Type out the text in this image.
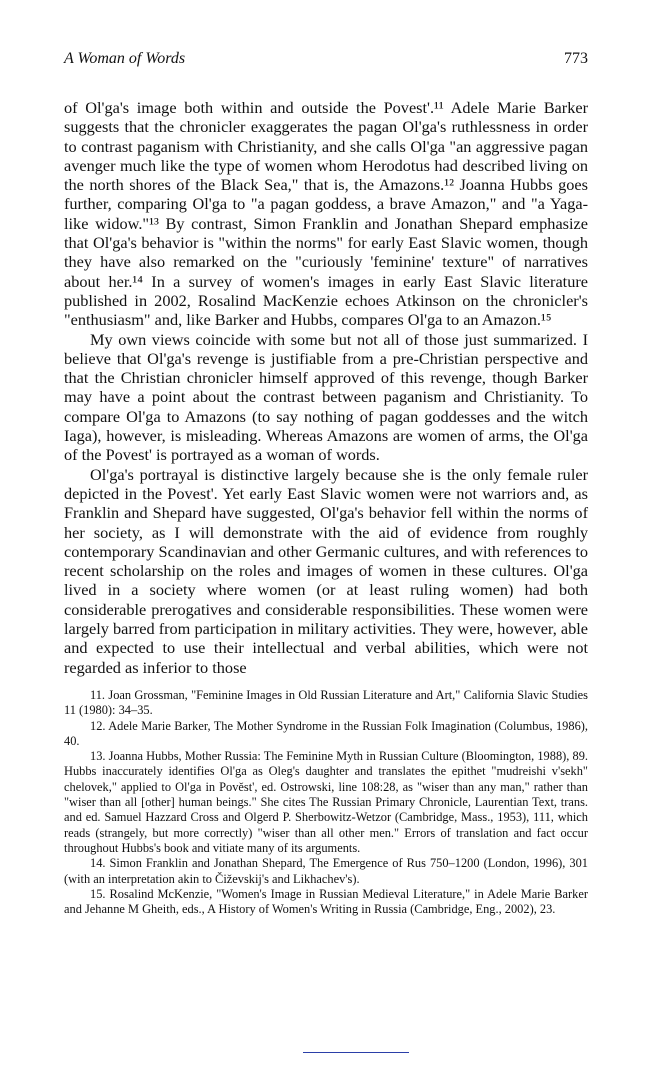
A Woman of Words	773

of Ol'ga's image both within and outside the Povest'.¹¹ Adele Marie Barker suggests that the chronicler exaggerates the pagan Ol'ga's ruthlessness in order to contrast paganism with Christianity, and she calls Ol'ga "an aggressive pagan avenger much like the type of women whom Herodotus had described living on the north shores of the Black Sea," that is, the Amazons.¹² Joanna Hubbs goes further, comparing Ol'ga to "a pagan goddess, a brave Amazon," and "a Yaga-like widow."¹³ By contrast, Simon Franklin and Jonathan Shepard emphasize that Ol'ga's behavior is "within the norms" for early East Slavic women, though they have also remarked on the "curiously 'feminine' texture" of narratives about her.¹⁴ In a survey of women's images in early East Slavic literature published in 2002, Rosalind MacKenzie echoes Atkinson on the chronicler's "enthusiasm" and, like Barker and Hubbs, compares Ol'ga to an Amazon.¹⁵

My own views coincide with some but not all of those just summarized. I believe that Ol'ga's revenge is justifiable from a pre-Christian perspective and that the Christian chronicler himself approved of this revenge, though Barker may have a point about the contrast between paganism and Christianity. To compare Ol'ga to Amazons (to say nothing of pagan goddesses and the witch Iaga), however, is misleading. Whereas Amazons are women of arms, the Ol'ga of the Povest' is portrayed as a woman of words.

Ol'ga's portrayal is distinctive largely because she is the only female ruler depicted in the Povest'. Yet early East Slavic women were not warriors and, as Franklin and Shepard have suggested, Ol'ga's behavior fell within the norms of her society, as I will demonstrate with the aid of evidence from roughly contemporary Scandinavian and other Germanic cultures, and with references to recent scholarship on the roles and images of women in these cultures. Ol'ga lived in a society where women (or at least ruling women) had both considerable prerogatives and considerable responsibilities. These women were largely barred from participation in military activities. They were, however, able and expected to use their intellectual and verbal abilities, which were not regarded as inferior to those

11. Joan Grossman, "Feminine Images in Old Russian Literature and Art," California Slavic Studies 11 (1980): 34–35.

12. Adele Marie Barker, The Mother Syndrome in the Russian Folk Imagination (Columbus, 1986), 40.

13. Joanna Hubbs, Mother Russia: The Feminine Myth in Russian Culture (Bloomington, 1988), 89. Hubbs inaccurately identifies Ol'ga as Oleg's daughter and translates the epithet "mudreishi v'sekh" chelovek," applied to Ol'ga in Pověst', ed. Ostrowski, line 108:28, as "wiser than any man," rather than "wiser than all [other] human beings." She cites The Russian Primary Chronicle, Laurentian Text, trans. and ed. Samuel Hazzard Cross and Olgerd P. Sherbowitz-Wetzor (Cambridge, Mass., 1953), 111, which reads (strangely, but more correctly) "wiser than all other men." Errors of translation and fact occur throughout Hubbs's book and vitiate many of its arguments.

14. Simon Franklin and Jonathan Shepard, The Emergence of Rus 750–1200 (London, 1996), 301 (with an interpretation akin to Čiževskij's and Likhachev's).

15. Rosalind McKenzie, "Women's Image in Russian Medieval Literature," in Adele Marie Barker and Jehanne M Gheith, eds., A History of Women's Writing in Russia (Cambridge, Eng., 2002), 23.
